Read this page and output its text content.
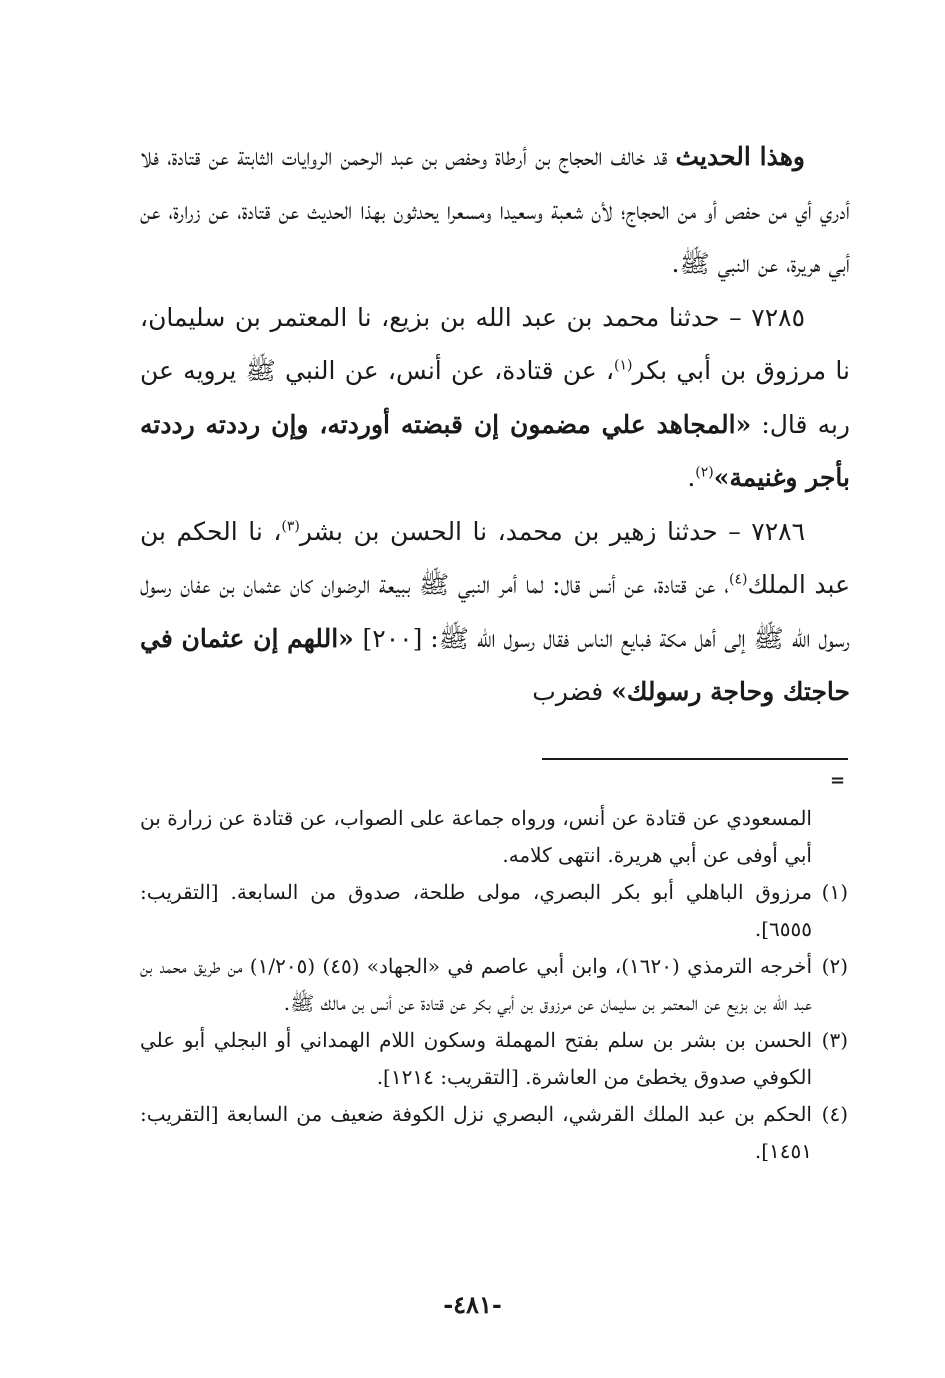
وهذا الحديث قد خالف الحجاج بن أرطاة وحفص بن عبد الرحمن الروايات الثابتة عن قتادة، فلا أدري أي من حفص أو من الحجاج؛ لأن شعبة وسعيدا ومسعرا يحدثون بهذا الحديث عن قتادة، عن زرارة، عن أبي هريرة، عن النبي ﷺ.

٧٢٨٥ – حدثنا محمد بن عبد الله بن بزيع، نا المعتمر بن سليمان، نا مرزوق بن أبي بكر$^{(١)}$، عن قتادة، عن أنس، عن النبي ﷺ يرويه عن ربه قال: «المجاهد علي مضمون إن قبضته أوردته، وإن رددته رددته بأجر وغنيمة»$^{(٢)}$.

٧٢٨٦ – حدثنا زهير بن محمد، نا الحسن بن بشر$^{(٣)}$، نا الحكم بن عبد الملك$^{(٤)}$، عن قتادة، عن أنس قال: لما أمر النبي ﷺ ببيعة الرضوان كان عثمان بن عفان رسول رسول الله ﷺ إلى أهل مكة فبايع الناس فقال رسول الله ﷺ: [٢٠٠] «اللهم إن عثمان في حاجتك وحاجة رسولك» فضرب

=
المسعودي عن قتادة عن أنس، ورواه جماعة على الصواب، عن قتادة عن زرارة بن أبي أوفى عن أبي هريرة. انتهى كلامه.
(١)
مرزوق الباهلي أبو بكر البصري، مولى طلحة، صدوق من السابعة. [التقريب: ٦٥٥٥].
(٢)
أخرجه الترمذي (١٦٢٠)، وابن أبي عاصم في «الجهاد» (٤٥) (١/٢٠٥) من طريق محمد بن عبد الله بن بزيع عن المعتمر بن سليمان عن مرزوق بن أبي بكر عن قتادة عن أنس بن مالك ﷺ.
(٣)
الحسن بن بشر بن سلم بفتح المهملة وسكون اللام الهمداني أو البجلي أبو علي الكوفي صدوق يخطئ من العاشرة. [التقريب: ١٢١٤].
(٤)
الحكم بن عبد الملك القرشي، البصري نزل الكوفة ضعيف من السابعة [التقريب: ١٤٥١].
-٤٨١-
